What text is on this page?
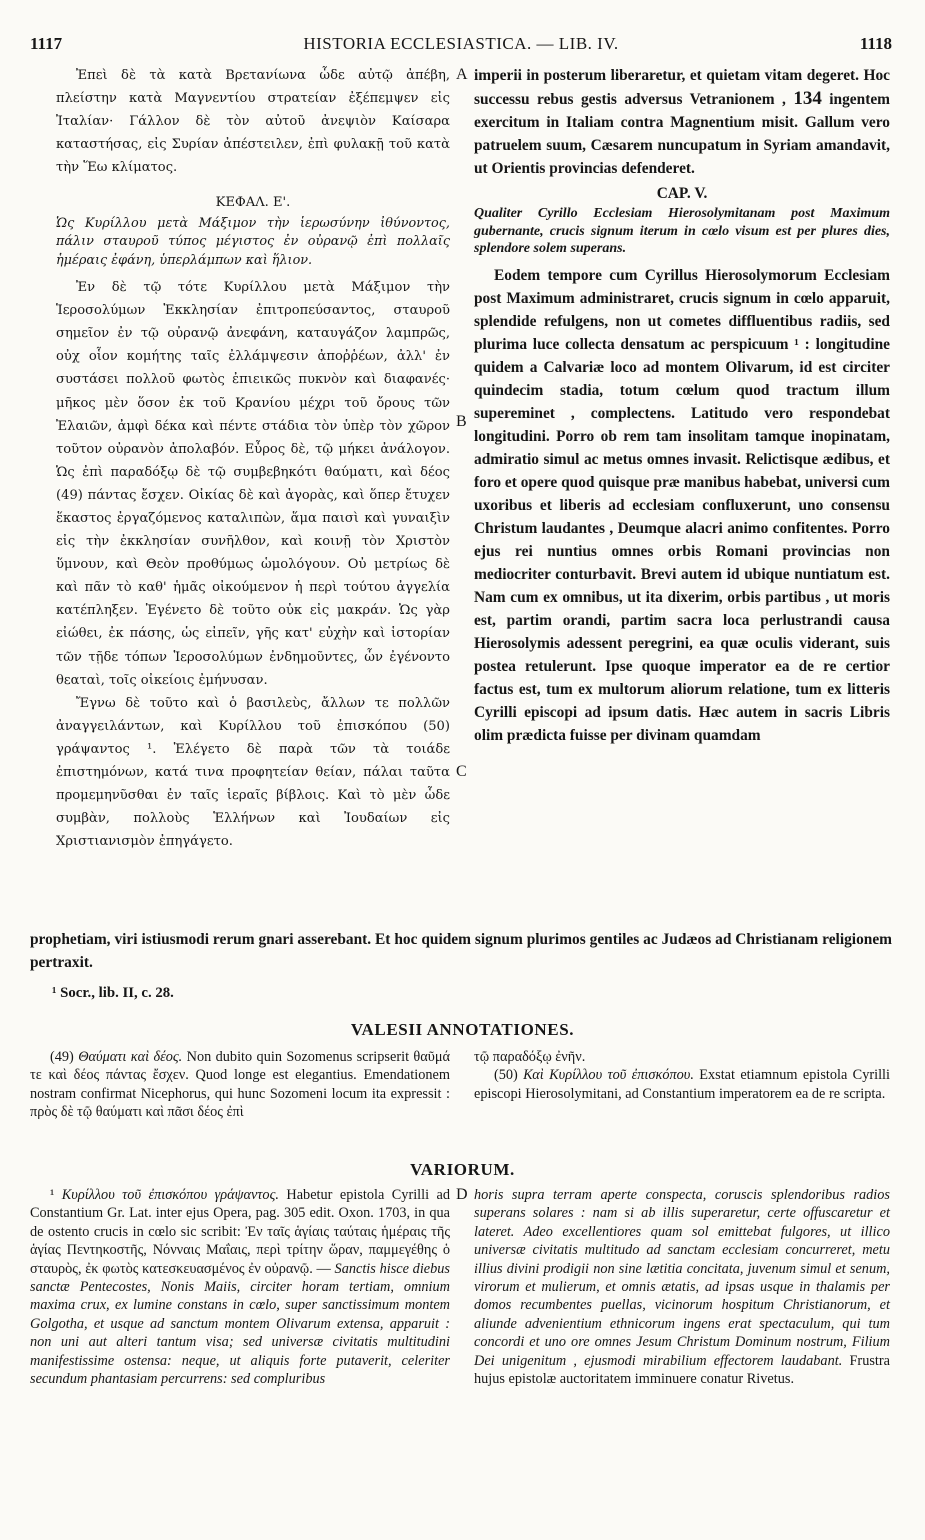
1117	HISTORIA ECCLESIASTICA. — LIB. IV.	1118
Ἐπεὶ δὲ τὰ κατὰ Βρετανίωνα ὧδε αὐτῷ ἀπέβη, πλείστην κατὰ Μαγνεντίου στρατείαν ἐξέπεμψεν εἰς Ἰταλίαν· Γάλλον δὲ τὸν αὐτοῦ ἀνεψιὸν Καίσαρα καταστήσας, εἰς Συρίαν ἀπέστειλεν, ἐπὶ φυλακῇ τοῦ κατὰ τὴν Ἕω κλίματος.
ΚΕΦΑΛ. Ε'.
Ὡς Κυρίλλου μετὰ Μάξιμον τὴν ἱερωσύνην ἰθύνοντος, πάλιν σταυροῦ τύπος μέγιστος ἐν οὐρανῷ ἐπὶ πολλαῖς ἡμέραις ἐφάνη, ὑπερλάμπων καὶ ἥλιον.
Ἐν δὲ τῷ τότε Κυρίλλου μετὰ Μάξιμον τὴν Ἱεροσολύμων Ἐκκλησίαν ἐπιτροπεύσαντος, σταυροῦ σημεῖον ἐν τῷ οὐρανῷ ἀνεφάνη, καταυγάζον λαμπρῶς, οὐχ οἷον κομήτης ταῖς ἐλλάμψεσιν ἀποῤῥέων, ἀλλ' ἐν συστάσει πολλοῦ φωτὸς ἐπιεικῶς πυκνὸν καὶ διαφανές· μῆκος μὲν ὅσον ἐκ τοῦ Κρανίου μέχρι τοῦ ὄρους τῶν Ἐλαιῶν, ἀμφὶ δέκα καὶ πέντε στάδια τὸν ὑπὲρ τὸν χῶρον τοῦτον οὐρανὸν ἀπολαβόν. Εὖρος δὲ, τῷ μήκει ἀνάλογον. Ὡς ἐπὶ παραδόξῳ δὲ τῷ συμβεβηκότι θαύματι, καὶ δέος (49) πάντας ἔσχεν. Οἰκίας δὲ καὶ ἀγορὰς, καὶ ὅπερ ἔτυχεν ἕκαστος ἐργαζόμενος καταλιπὼν, ἅμα παισὶ καὶ γυναιξὶν εἰς τὴν ἐκκλησίαν συνῆλθον, καὶ κοινῇ τὸν Χριστὸν ὕμνουν, καὶ Θεὸν προθύμως ὡμολόγουν. Οὐ μετρίως δὲ καὶ πᾶν τὸ καθ' ἡμᾶς οἰκούμενον ἡ περὶ τούτου ἀγγελία κατέπληξεν. Ἐγένετο δὲ τοῦτο οὐκ εἰς μακράν. Ὡς γὰρ εἰώθει, ἐκ πάσης, ὡς εἰπεῖν, γῆς κατ' εὐχὴν καὶ ἱστορίαν τῶν τῇδε τόπων Ἱεροσολύμων ἐνδημοῦντες, ὧν ἐγένοντο θεαταὶ, τοῖς οἰκείοις ἐμήνυσαν.
Ἔγνω δὲ τοῦτο καὶ ὁ βασιλεὺς, ἄλλων τε πολλῶν ἀναγγειλάντων, καὶ Κυρίλλου τοῦ ἐπισκόπου (50) γράψαντος ¹. Ἐλέγετο δὲ παρὰ τῶν τὰ τοιάδε ἐπιστημόνων, κατά τινα προφητείαν θείαν, πάλαι ταῦτα προμεμηνῦσθαι ἐν ταῖς ἱεραῖς βίβλοις. Καὶ τὸ μὲν ὧδε συμβὰν, πολλοὺς Ἑλλήνων καὶ Ἰουδαίων εἰς Χριστιανισμὸν ἐπηγάγετο.
A
B
C
D
imperii in posterum liberaretur, et quietam vitam degeret. Hoc successu rebus gestis adversus Vetranionem , 134 ingentem exercitum in Italiam contra Magnentium misit. Gallum vero patruelem suum, Cæsarem nuncupatum in Syriam amandavit, ut Orientis provincias defenderet.
CAP. V.
Qualiter Cyrillo Ecclesiam Hierosolymitanam post Maximum gubernante, crucis signum iterum in cœlo visum est per plures dies, splendore solem superans.
Eodem tempore cum Cyrillus Hierosolymorum Ecclesiam post Maximum administraret, crucis signum in cœlo apparuit, splendide refulgens, non ut cometes diffluentibus radiis, sed plurima luce collecta densatum ac perspicuum ¹ : longitudine quidem a Calvariæ loco ad montem Olivarum, id est circiter quindecim stadia, totum cœlum quod tractum illum supereminet , complectens. Latitudo vero respondebat longitudini. Porro ob rem tam insolitam tamque inopinatam, admiratio simul ac metus omnes invasit. Relictisque ædibus, et foro et opere quod quisque præ manibus habebat, universi cum uxoribus et liberis ad ecclesiam confluxerunt, uno consensu Christum laudantes , Deumque alacri animo confitentes. Porro ejus rei nuntius omnes orbis Romani provincias non mediocriter conturbavit. Brevi autem id ubique nuntiatum est. Nam cum ex omnibus, ut ita dixerim, orbis partibus , ut moris est, partim orandi, partim sacra loca perlustrandi causa Hierosolymis adessent peregrini, ea quæ oculis viderant, suis postea retulerunt. Ipse quoque imperator ea de re certior factus est, tum ex multorum aliorum relatione, tum ex litteris Cyrilli episcopi ad ipsum datis. Hæc autem in sacris Libris olim prædicta fuisse per divinam quamdam
prophetiam, viri istiusmodi rerum gnari asserebant. Et hoc quidem signum plurimos gentiles ac Judæos ad Christianam religionem pertraxit.
¹ Socr., lib. II, c. 28.
VALESII ANNOTATIONES.
(49) Θαύματι καὶ δέος. Non dubito quin Sozomenus scripserit θαῦμά τε καὶ δέος πάντας ἔσχεν. Quod longe est elegantius. Emendationem nostram confirmat Nicephorus, qui hunc Sozomeni locum ita expressit : πρὸς δὲ τῷ θαύματι καὶ πᾶσι δέος ἐπὶ
τῷ παραδόξῳ ἐνῆν.
(50) Καὶ Κυρίλλου τοῦ ἐπισκόπου. Exstat etiamnum epistola Cyrilli episcopi Hierosolymitani, ad Constantium imperatorem ea de re scripta.
VARIORUM.
¹ Κυρίλλου τοῦ ἐπισκόπου γράψαντος. Habetur epistola Cyrilli ad Constantium Gr. Lat. inter ejus Opera, pag. 305 edit. Oxon. 1703, in qua de ostento crucis in cœlo sic scribit: Ἐν ταῖς ἁγίαις ταύταις ἡμέραις τῆς ἁγίας Πεντηκοστῆς, Νόνναις Μαΐαις, περὶ τρίτην ὥραν, παμμεγέθης ὁ σταυρὸς, ἐκ φωτὸς κατεσκευασμένος ἐν οὐρανῷ. — Sanctis hisce diebus sanctæ Pentecostes, Nonis Maiis, circiter horam tertiam, omnium maxima crux, ex lumine constans in cœlo, super sanctissimum montem Golgotha, et usque ad sanctum montem Olivarum extensa, apparuit : non uni aut alteri tantum visa; sed universæ civitatis multitudini manifestissime ostensa: neque, ut aliquis forte putaverit, celeriter secundum phantasiam percurrens: sed compluribus
horis supra terram aperte conspecta, coruscis splendoribus radios superans solares : nam si ab illis superaretur, certe offuscaretur et lateret. Adeo excellentiores quam sol emittebat fulgores, ut illico universæ civitatis multitudo ad sanctam ecclesiam concurreret, metu illius divini prodigii non sine lætitia concitata, juvenum simul et senum, virorum et mulierum, et omnis ætatis, ad ipsas usque in thalamis per domos recumbentes puellas, vicinorum hospitum Christianorum, et aliunde advenientium ethnicorum ingens erat spectaculum, qui tum concordi et uno ore omnes Jesum Christum Dominum nostrum, Filium Dei unigenitum , ejusmodi mirabilium effectorem laudabant. Frustra hujus epistolæ auctoritatem imminuere conatur Rivetus.
